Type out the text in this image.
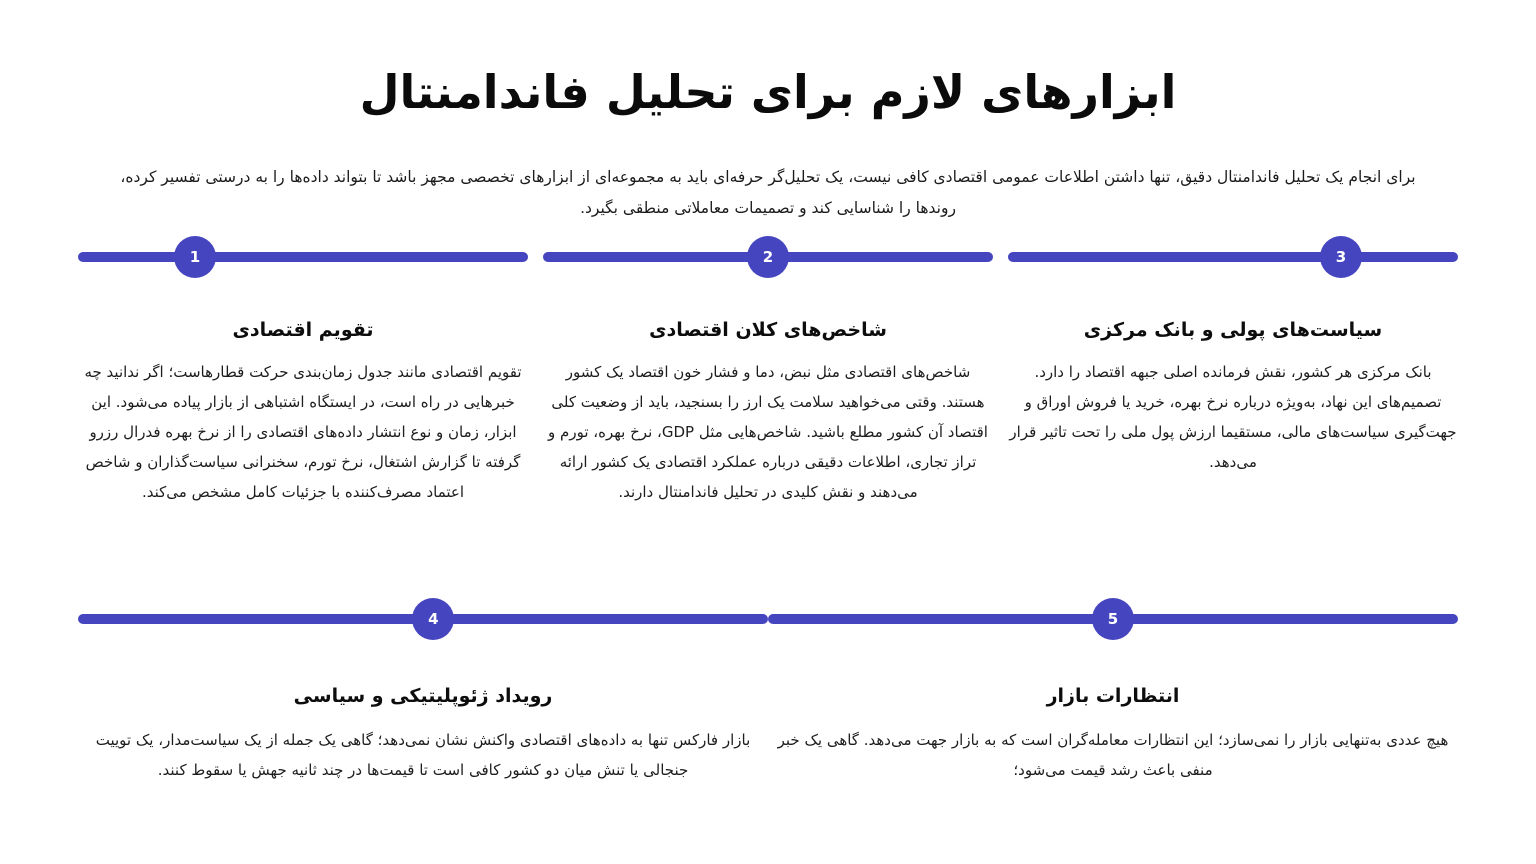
ابزارهای لازم برای تحلیل فاندامنتال

برای انجام یک تحلیل فاندامنتال دقیق، تنها داشتن اطلاعات عمومی اقتصادی کافی نیست، یک تحلیل‌گر حرفه‌ای باید به مجموعه‌ای از ابزارهای تخصصی مجهز باشد تا بتواند داده‌ها را به درستی تفسیر کرده، روندها را شناسایی کند و تصمیمات معاملاتی منطقی بگیرد.

3
سیاست‌های پولی و بانک مرکزی
بانک مرکزی هر کشور، نقش فرمانده اصلی جبهه اقتصاد را دارد. تصمیم‌های این نهاد، به‌ویژه درباره نرخ بهره، خرید یا فروش اوراق و جهت‌گیری سیاست‌های مالی، مستقیما ارزش پول ملی را تحت تاثیر قرار می‌دهد.
2
شاخص‌های کلان اقتصادی
شاخص‌های اقتصادی مثل نبض، دما و فشار خون اقتصاد یک کشور هستند. وقتی می‌خواهید سلامت یک ارز را بسنجید، باید از وضعیت کلی اقتصاد آن کشور مطلع باشید. شاخص‌هایی مثل GDP، نرخ بهره، تورم و تراز تجاری، اطلاعات دقیقی درباره عملکرد اقتصادی یک کشور ارائه می‌دهند و نقش کلیدی در تحلیل فاندامنتال دارند.
1
تقویم اقتصادی
تقویم اقتصادی مانند جدول زمان‌بندی حرکت قطارهاست؛ اگر ندانید چه خبرهایی در راه است، در ایستگاه اشتباهی از بازار پیاده می‌شود. این ابزار، زمان و نوع انتشار داده‌های اقتصادی را از نرخ بهره فدرال رزرو گرفته تا گزارش اشتغال، نرخ تورم، سخنرانی سیاست‌گذاران و شاخص اعتماد مصرف‌کننده با جزئیات کامل مشخص می‌کند.
5
انتظارات بازار
هیچ عددی به‌تنهایی بازار را نمی‌سازد؛ این انتظارات معامله‌گران است که به بازار جهت می‌دهد. گاهی یک خبر منفی باعث رشد قیمت می‌شود؛
4
رویداد ژئوپلیتیکی و سیاسی
بازار فارکس تنها به داده‌های اقتصادی واکنش نشان نمی‌دهد؛ گاهی یک جمله از یک سیاست‌مدار، یک توییت جنجالی یا تنش میان دو کشور کافی است تا قیمت‌ها در چند ثانیه جهش یا سقوط کنند.
